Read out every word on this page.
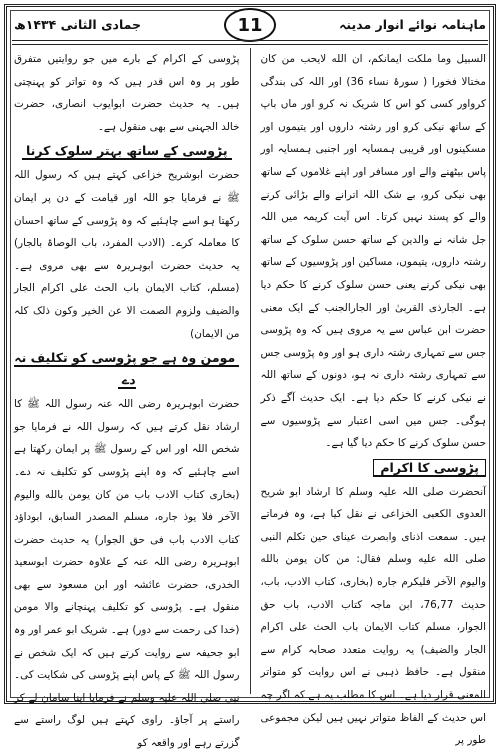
ماہنامہ نوائے انوار مدینہ
جمادی الثانی ۱۴۳۴ھ	11

السبيل وما ملكت ايمانكم، ان الله لايحب من كان مختالا فخورا ( سورۂ نساء 36) اور اللہ کی بندگی کرواور کسی کو اس کا شریک نہ کرو اور ماں باپ کے ساتھ نیکی کرو اور رشتہ داروں اور یتیموں اور مسکینوں اور قریبی ہمسایہ اور اجنبی ہمسایہ اور پاس بیٹھنے والے اور مسافر اور اپنے غلاموں کے ساتھ بھی نیکی کرو، بے شک اللہ اترانے والے بڑائی کرنے والے کو پسند نہیں کرتا۔ اس آیت کریمہ میں اللہ جل شانہ نے والدین کے ساتھ حسن سلوک کے ساتھ رشتہ داروں، یتیموں، مساکین اور پڑوسیوں کے ساتھ بھی نیکی کرنے یعنی حسن سلوک کرنے کا حکم دیا ہے۔ الجارذی القربیٰ اور الجارالجنب کے ایک معنی حضرت ابن عباس سے یہ مروی ہیں کہ وہ پڑوسی جس سے تمہاری رشتہ داری ہو اور وہ پڑوسی جس سے تمہاری رشتہ داری نہ ہو، دونوں کے ساتھ اللہ نے نیکی کرنے کا حکم دیا ہے۔ ایک حدیث آگے ذکر ہوگی۔ جس میں اسی اعتبار سے پڑوسیوں سے حسن سلوک کرنے کا حکم دیا گیا ہے۔

پڑوسی کا اکرام

آنحضرت صلی اللہ علیہ وسلم کا ارشاد ابو شریح العدوی الکعبی الخزاعی نے نقل کیا ہے، وہ فرماتے ہیں۔ سمعت اذنای وابصرت عینای حین تکلم النبی صلی الله علیه وسلم فقال: من کان یومن بالله والیوم الآخر فلیکرم جاره (بخاری، کتاب الادب، باب، حدیث 76,77، ابن ماجہ کتاب الادب، باب حق الجوار، مسلم کتاب الایمان باب الحث علی اکرام الجار والضیف) یہ روایت متعدد صحابہ کرام سے منقول ہے۔ حافظ ذہبی نے اس روایت کو متواتر المعنی قرار دیا ہے۔ اس کا مطلب یہ ہے کہ اگر چہ اس حدیث کے الفاظ متواتر نہیں ہیں لیکن مجموعی طور پر

پڑوسی کے اکرام کے بارے میں جو روایتیں متفرق طور پر وہ اس قدر ہیں کہ وہ تواتر کو پہنچتی ہیں۔ یہ حدیث حضرت ابوایوب انصاری، حضرت خالد الجہنی سے بھی منقول ہے۔

پڑوسی کے ساتھ بہتر سلوک کرنا

حضرت ابوشریح خزاعی کہتے ہیں کہ رسول اللہ ﷺ نے فرمایا جو اللہ اور قیامت کے دن پر ایمان رکھتا ہو اسے چاہئیے کہ وہ پڑوسی کے ساتھ احسان کا معاملہ کرے۔ (الادب المفرد، باب الوصاۃ بالجار) یہ حدیث حضرت ابوہریرہ سے بھی مروی ہے۔ (مسلم، کتاب الایمان باب الحث علی اکرام الجار والضیف ولزوم الصمت الا عن الخیر وکون ذلک کلہ من الایمان)

مومن وہ ہے جو پڑوسی کو تکلیف نہ دے

حضرت ابوہریرہ رضی اللہ عنہ رسول اللہ ﷺ کا ارشاد نقل کرتے ہیں کہ رسول اللہ نے فرمایا جو شخص اللہ اور اس کے رسول ﷺ پر ایمان رکھتا ہے اسے چاہئیے کہ وہ اپنے پڑوسی کو تکلیف نہ دے۔ (بخاری کتاب الادب باب من کان یومن بالله والیوم الآخر فلا یوذ جاره، مسلم المصدر السابق، ابوداؤد کتاب الادب باب فی حق الجوار) یہ حدیث حضرت ابوہریرہ رضی اللہ عنہ کے علاوہ حضرت ابوسعید الخدری، حضرت عائشہ اور ابن مسعود سے بھی منقول ہے۔ پڑوسی کو تکلیف پہنچانے والا مومن (خدا کی رحمت سے دور) ہے۔ شریک ابو عمر اور وہ ابو جحیفہ سے روایت کرتے ہیں کہ ایک شخص نے رسول اللہ ﷺ کے پاس اپنے پڑوسی کی شکایت کی۔ نبی صلی اللہ علیہ وسلم نے فرمایا اپنا سامان لے کر راستے پر آجاؤ۔ راوی کہتے ہیں لوگ راستے سے گزرتے رہے اور واقعہ کو
